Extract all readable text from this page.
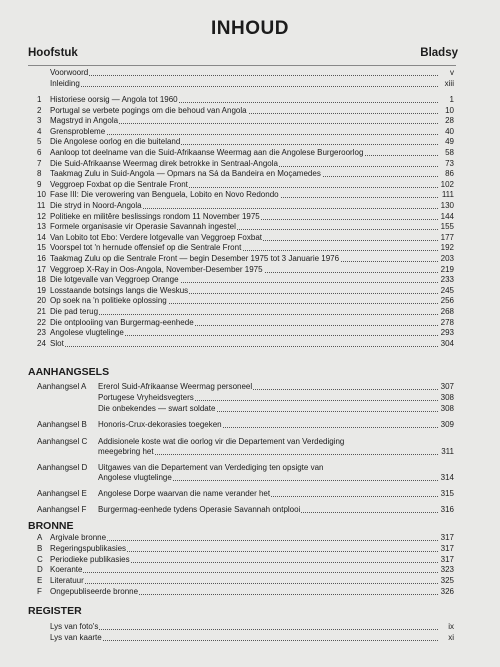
INHOUD
Hoofstuk	Bladsy
AANHANGSELS
BRONNE
REGISTER
Voorwoord	v
Inleiding	xiii
1	Historiese oorsig — Angola tot 1960	1
2	Portugal se verbete pogings om die behoud van Angola	10
3	Magstryd in Angola	28
4	Grensprobleme	40
5	Die Angolese oorlog en die buiteland	49
6	Aanloop tot deelname van die Suid-Afrikaanse Weermag aan die Angolese Burgeroorlog	58
7	Die Suid-Afrikaanse Weermag direk betrokke in Sentraal-Angola	73
8	Taakmag Zulu in Suid-Angola — Opmars na Sá da Bandeira en Moçamedes	86
9	Veggroep Foxbat op die Sentrale Front	102
10 Fase III: Die verowering van Benguela, Lobito en Novo Redondo	111
11 Die stryd in Noord-Angola	130
12 Politieke en militêre beslissings rondom 11 November 1975	144
13 Formele organisasie vir Operasie Savannah ingestel	155
14 Van Lobito tot Ebo: Verdere lotgevalle van Veggroep Foxbat	177
15 Voorspel tot 'n hernude offensief op die Sentrale Front	192
16 Taakmag Zulu op die Sentrale Front — begin Desember 1975 tot 3 Januarie 1976	203
17 Veggroep X-Ray in Oos-Angola, November-Desember 1975	219
18 Die lotgevalle van Veggroep Orange	233
19 Losstaande botsings langs die Weskus	245
20 Op soek na 'n politieke oplossing	256
21 Die pad terug	268
22 Die ontplooiing van Burgermag-eenhede	278
23 Angolese vlugtelinge	293
24 Slot	304
Aanhangsel A	Ererol Suid-Afrikaanse Weermag personeel	307
Portugese Vryheidsvegters	308
Die onbekendes — swart soldate	308
Aanhangsel B	Honoris-Crux-dekorasies toegeken	309
Aanhangsel C	Addisionele koste wat die oorlog vir die Departement van Verdediging
meegebring het	311
Aanhangsel D	Uitgawes van die Departement van Verdediging ten opsigte van
Angolese vlugtelinge	314
Aanhangsel E	Angolese Dorpe waarvan die name verander het	315
Aanhangsel F	Burgermag-eenhede tydens Operasie Savannah ontplooi	316
A Argivale bronne	317
B Regeringspublikasies	317
C Periodieke publikasies	317
D Koerante	323
E Literatuur	325
F	Ongepubliseerde bronne	326
Lys van foto's	ix
Lys van kaarte	xi
